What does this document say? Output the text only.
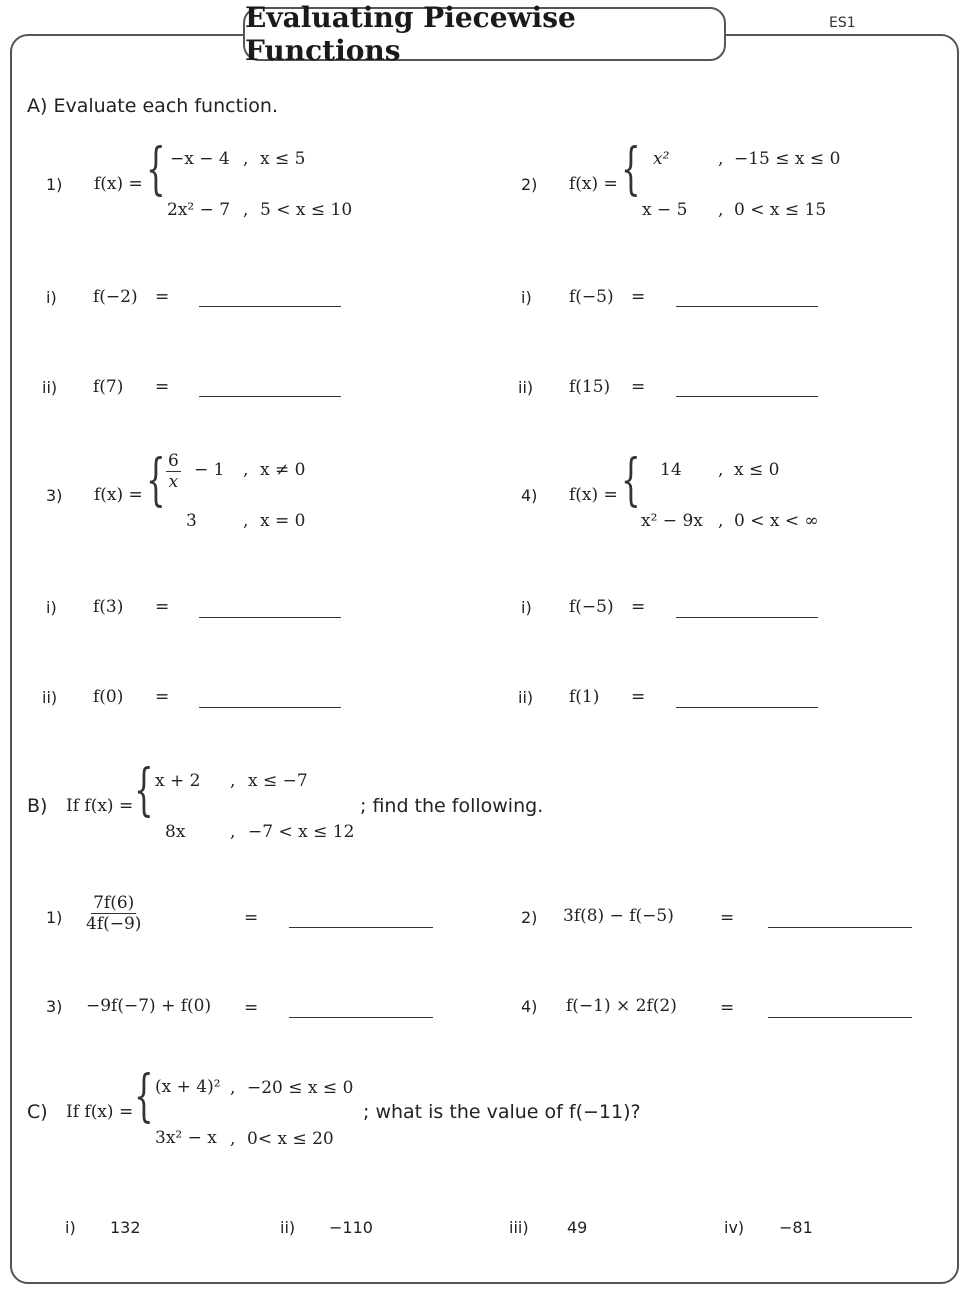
Evaluating Piecewise Functions
ES1
A) Evaluate each function.
1) f(x) = { −x − 4 , x ≤ 5
2x² − 7 , 5 < x ≤ 10
i) f(−2) =
ii) f(7) =
2) f(x) = { x²	, −15 ≤ x ≤ 0
x − 5 , 0 < x ≤ 15
i) f(−5) =
ii) f(15) =
3) f(x) = { $\frac{6}{x} - 1$ , x ≠ 0
3	, x = 0
i) f(3) =
ii) f(0) =
4) f(x) = { 14 , x ≤ 0
x² − 9x , 0 < x < ∞
i) f(−5) =
ii) f(1) =
B) If f(x) = { x + 2 , x ≤ −7
8x	, −7 < x ≤ 12
; find the following.
$1) \frac{7f(6)}{4f(-9)}$	=	2) 3f(8) − f(−5)	=
3) −9f(−7) + f(0) =	4) f(−1) × 2f(2)	=
C) If f(x) = { (x + 4)² , −20 ≤ x ≤ 0
3x² − x , 0< x ≤ 20
; what is the value of f(−11)?
i) 132	ii) −110	iii) 49	iv) −81
